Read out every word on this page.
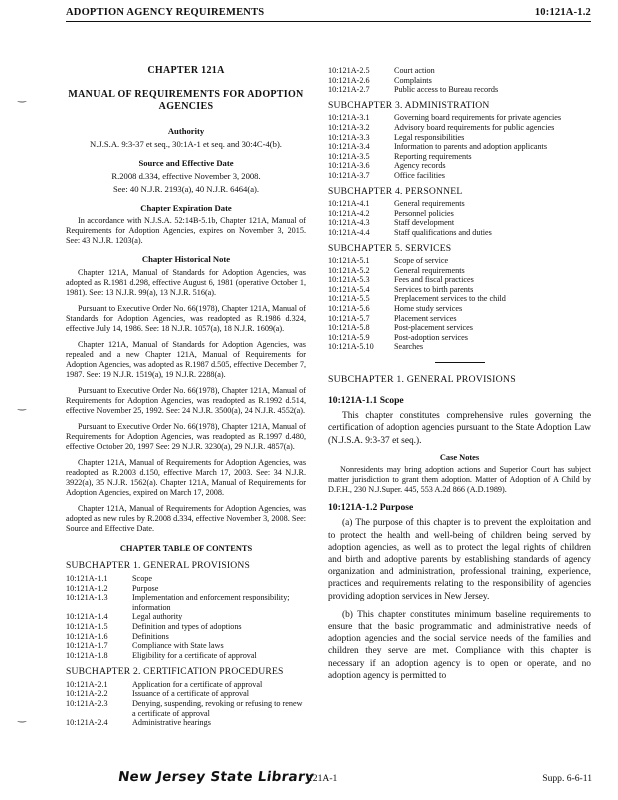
ADOPTION AGENCY REQUIREMENTS	10:121A-1.2
‿
‿
‿
CHAPTER 121A
MANUAL OF REQUIREMENTS FOR ADOPTION AGENCIES
Authority
N.J.S.A. 9:3-37 et seq., 30:1A-1 et seq. and 30:4C-4(b).
Source and Effective Date
R.2008 d.334, effective November 3, 2008.
See: 40 N.J.R. 2193(a), 40 N.J.R. 6464(a).
Chapter Expiration Date

In accordance with N.J.S.A. 52:14B-5.1b, Chapter 121A, Manual of Requirements for Adoption Agencies, expires on November 3, 2015. See: 43 N.J.R. 1203(a).

Chapter Historical Note

Chapter 121A, Manual of Standards for Adoption Agencies, was adopted as R.1981 d.298, effective August 6, 1981 (operative October 1, 1981). See: 13 N.J.R. 99(a), 13 N.J.R. 516(a).

Pursuant to Executive Order No. 66(1978), Chapter 121A, Manual of Standards for Adoption Agencies, was readopted as R.1986 d.324, effective July 14, 1986. See: 18 N.J.R. 1057(a), 18 N.J.R. 1609(a).

Chapter 121A, Manual of Standards for Adoption Agencies, was repealed and a new Chapter 121A, Manual of Requirements for Adoption Agencies, was adopted as R.1987 d.505, effective December 7, 1987. See: 19 N.J.R. 1519(a), 19 N.J.R. 2288(a).

Pursuant to Executive Order No. 66(1978), Chapter 121A, Manual of Requirements for Adoption Agencies, was readopted as R.1992 d.514, effective November 25, 1992. See: 24 N.J.R. 3500(a), 24 N.J.R. 4552(a).

Pursuant to Executive Order No. 66(1978), Chapter 121A, Manual of Requirements for Adoption Agencies, was readopted as R.1997 d.480, effective October 20, 1997 See: 29 N.J.R. 3230(a), 29 N.J.R. 4857(a).

Chapter 121A, Manual of Requirements for Adoption Agencies, was readopted as R.2003 d.150, effective March 17, 2003. See: 34 N.J.R. 3922(a), 35 N.J.R. 1562(a). Chapter 121A, Manual of Requirements for Adoption Agencies, expired on March 17, 2008.

Chapter 121A, Manual of Requirements for Adoption Agencies, was adopted as new rules by R.2008 d.334, effective November 3, 2008. See: Source and Effective Date.

CHAPTER TABLE OF CONTENTS
SUBCHAPTER 1. GENERAL PROVISIONS
10:121A-1.1	Scope
10:121A-1.2	Purpose
10:121A-1.3	Implementation and enforcement responsibility; information
10:121A-1.4	Legal authority
10:121A-1.5	Definition and types of adoptions
10:121A-1.6	Definitions
10:121A-1.7	Compliance with State laws
10:121A-1.8	Eligibility for a certificate of approval
SUBCHAPTER 2. CERTIFICATION PROCEDURES
10:121A-2.1	Application for a certificate of approval
10:121A-2.2	Issuance of a certificate of approval
10:121A-2.3	Denying, suspending, revoking or refusing to renew a certificate of approval
10:121A-2.4	Administrative hearings
10:121A-2.5	Court action
10:121A-2.6	Complaints
10:121A-2.7	Public access to Bureau records
SUBCHAPTER 3. ADMINISTRATION
10:121A-3.1	Governing board requirements for private agencies
10:121A-3.2	Advisory board requirements for public agencies
10:121A-3.3	Legal responsibilities
10:121A-3.4	Information to parents and adoption applicants
10:121A-3.5	Reporting requirements
10:121A-3.6	Agency records
10:121A-3.7	Office facilities
SUBCHAPTER 4. PERSONNEL
10:121A-4.1	General requirements
10:121A-4.2	Personnel policies
10:121A-4.3	Staff development
10:121A-4.4	Staff qualifications and duties
SUBCHAPTER 5. SERVICES
10:121A-5.1	Scope of service
10:121A-5.2	General requirements
10:121A-5.3	Fees and fiscal practices
10:121A-5.4	Services to birth parents
10:121A-5.5	Preplacement services to the child
10:121A-5.6	Home study services
10:121A-5.7	Placement services
10:121A-5.8	Post-placement services
10:121A-5.9	Post-adoption services
10:121A-5.10	Searches
SUBCHAPTER 1. GENERAL PROVISIONS
10:121A-1.1 Scope

This chapter constitutes comprehensive rules governing the certification of adoption agencies pursuant to the State Adoption Law (N.J.S.A. 9:3-37 et seq.).

Case Notes

Nonresidents may bring adoption actions and Superior Court has subject matter jurisdiction to grant them adoption. Matter of Adoption of A Child by D.F.H., 230 N.J.Super. 445, 553 A.2d 866 (A.D.1989).

10:121A-1.2 Purpose

(a) The purpose of this chapter is to prevent the exploitation and to protect the health and well-being of children being served by adoption agencies, as well as to protect the legal rights of children and birth and adoptive parents by establishing standards of agency organization and administration, professional training, experience, practices and requirements relating to the responsibility of agencies providing adoption services in New Jersey.

(b) This chapter constitutes minimum baseline requirements to ensure that the basic programmatic and administrative needs of adoption agencies and the social service needs of the families and children they serve are met. Compliance with this chapter is necessary if an adoption agency is to open or operate, and no adoption agency is permitted to

New Jersey State Library
121A-1	Supp. 6-6-11
